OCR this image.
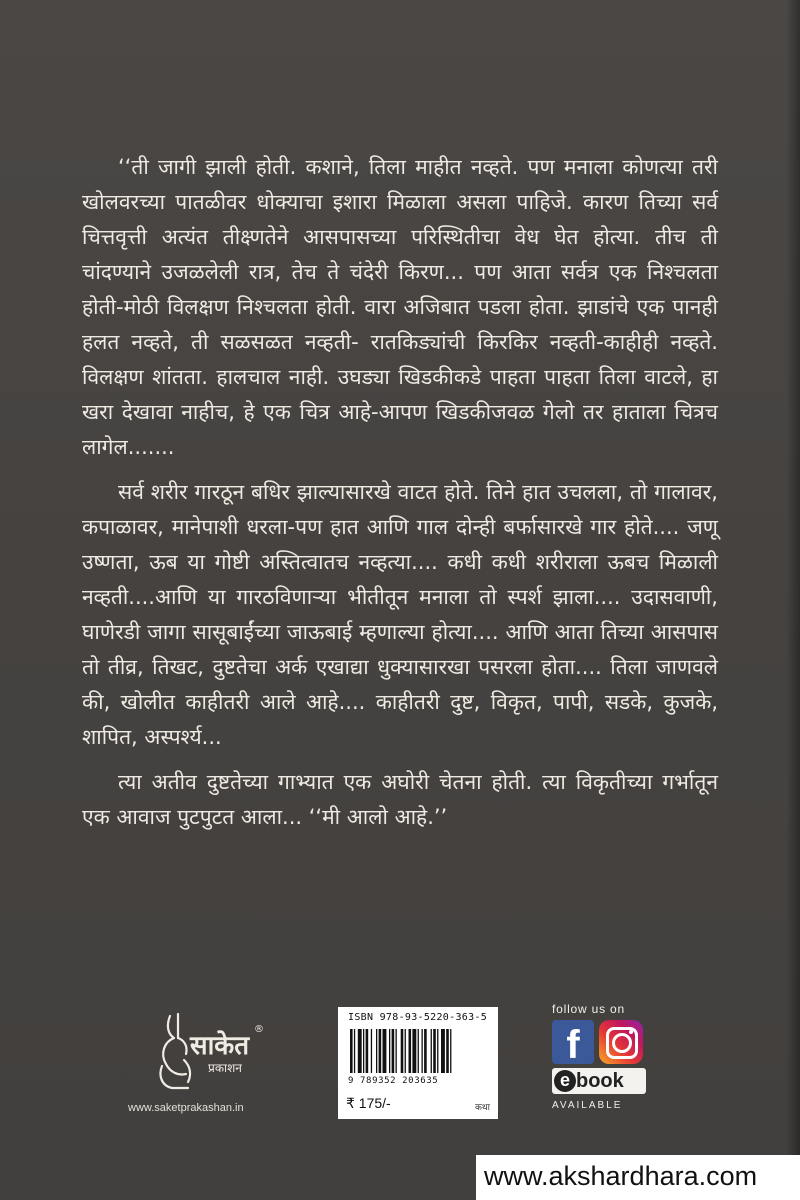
‘‘ती जागी झाली होती. कशाने, तिला माहीत नव्हते. पण मनाला कोणत्या तरी खोलवरच्या पातळीवर धोक्याचा इशारा मिळाला असला पाहिजे. कारण तिच्या सर्व चित्तवृत्ती अत्यंत तीक्ष्णतेने आसपासच्या परिस्थितीचा वेध घेत होत्या. तीच ती चांदण्याने उजळलेली रात्र, तेच ते चंदेरी किरण... पण आता सर्वत्र एक निश्चलता होती-मोठी विलक्षण निश्चलता होती. वारा अजिबात पडला होता. झाडांचे एक पानही हलत नव्हते, ती सळसळत नव्हती- रातकिड्यांची किरकिर नव्हती-काहीही नव्हते. विलक्षण शांतता. हालचाल नाही. उघड्या खिडकीकडे पाहता पाहता तिला वाटले, हा खरा देखावा नाहीच, हे एक चित्र आहे-आपण खिडकीजवळ गेलो तर हाताला चित्रच लागेल.......

सर्व शरीर गारठून बधिर झाल्यासारखे वाटत होते. तिने हात उचलला, तो गालावर, कपाळावर, मानेपाशी धरला-पण हात आणि गाल दोन्ही बर्फासारखे गार होते.... जणू उष्णता, ऊब या गोष्टी अस्तित्वातच नव्हत्या.... कधी कधी शरीराला ऊबच मिळाली नव्हती....आणि या गारठविणाऱ्या भीतीतून मनाला तो स्पर्श झाला.... उदासवाणी, घाणेरडी जागा सासूबाईंच्या जाऊबाई म्हणाल्या होत्या.... आणि आता तिच्या आसपास तो तीव्र, तिखट, दुष्टतेचा अर्क एखाद्या धुक्यासारखा पसरला होता.... तिला जाणवले की, खोलीत काहीतरी आले आहे.... काहीतरी दुष्ट, विकृत, पापी, सडके, कुजके, शापित, अस्पर्श्य...

त्या अतीव दुष्टतेच्या गाभ्यात एक अघोरी चेतना होती. त्या विकृतीच्या गर्भातून एक आवाज पुटपुटत आला... ‘‘मी आलो आहे.’’

साकेत
प्रकाशन
®
www.saketprakashan.in
ISBN 978-93-5220-363-5
9 789352 203635
₹ 175/-	कथा
follow us on
f
e book
AVAILABLE
www.akshardhara.com
